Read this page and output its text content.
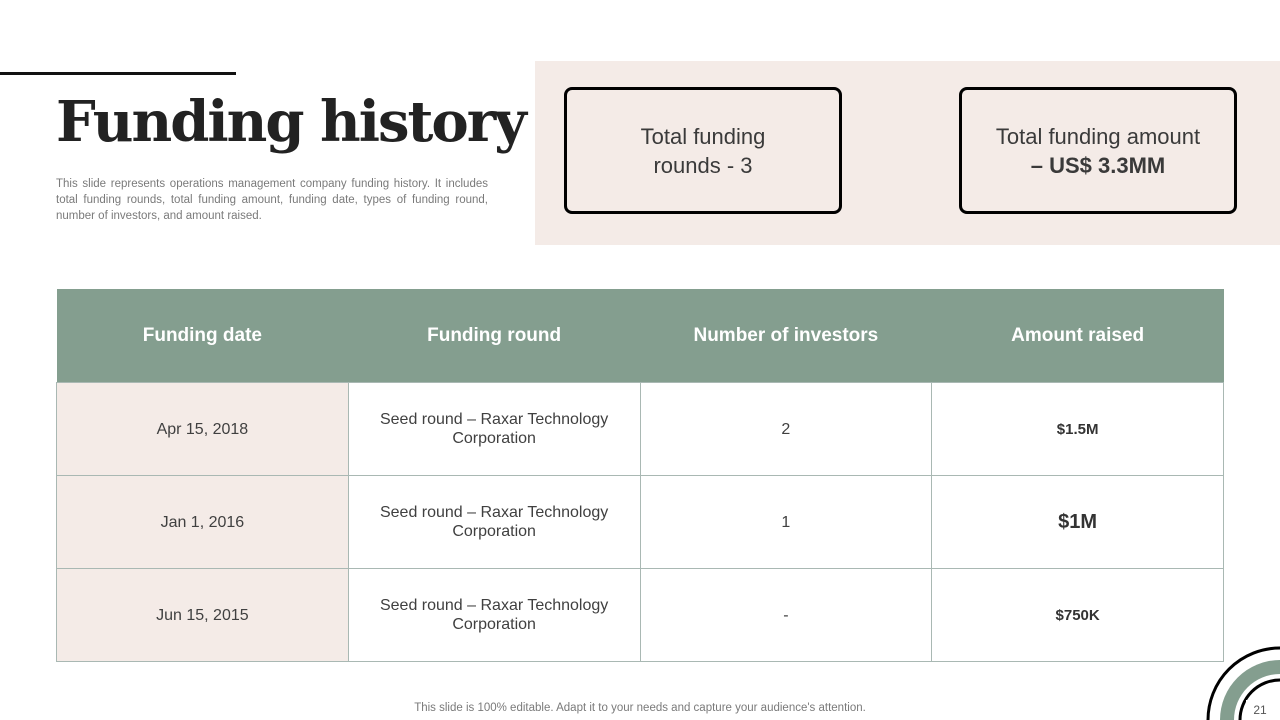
Funding history

This slide represents operations management company funding history. It includes total funding rounds, total funding amount, funding date, types of funding round, number of investors, and amount raised.

Total funding
rounds - 3
Total funding amount
– US$ 3.3MM
Funding date	Funding round	Number of investors	Amount raised
Apr 15, 2018	Seed round – Raxar Technology Corporation	2	$1.5M
Jan 1, 2016	Seed round – Raxar Technology Corporation	1	$1M
Jun 15, 2015	Seed round – Raxar Technology Corporation	-	$750K
This slide is 100% editable. Adapt it to your needs and capture your audience's attention.	21
